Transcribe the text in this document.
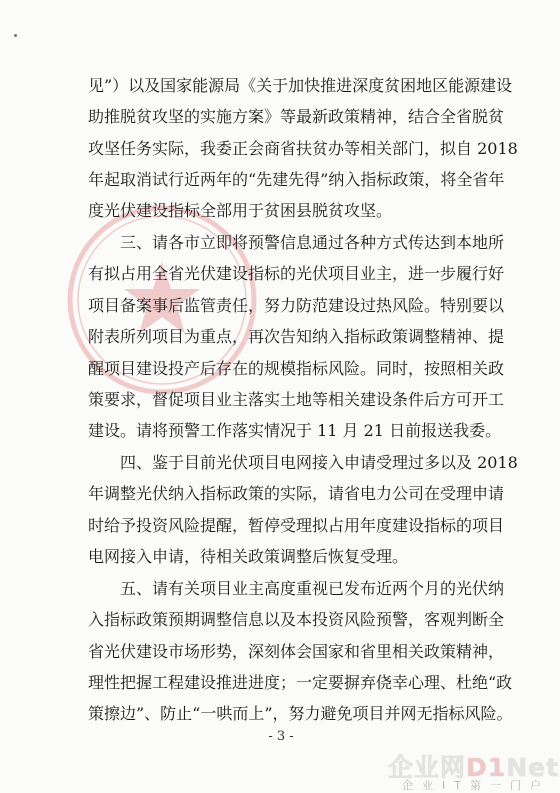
见”）以及国家能源局《关于加快推进深度贫困地区能源建设
助推脱贫攻坚的实施方案》等最新政策精神，结合全省脱贫
攻坚任务实际，我委正会商省扶贫办等相关部门，拟自 2018
年起取消试行近两年的“先建先得”纳入指标政策，将全省年
度光伏建设指标全部用于贫困县脱贫攻坚。
三、请各市立即将预警信息通过各种方式传达到本地所
有拟占用全省光伏建设指标的光伏项目业主，进一步履行好
项目备案事后监管责任，努力防范建设过热风险。特别要以
附表所列项目为重点，再次告知纳入指标政策调整精神、提
醒项目建设投产后存在的规模指标风险。同时，按照相关政
策要求，督促项目业主落实土地等相关建设条件后方可开工
建设。请将预警工作落实情况于 11 月 21 日前报送我委。
四、鉴于目前光伏项目电网接入申请受理过多以及 2018
年调整光伏纳入指标政策的实际，请省电力公司在受理申请
时给予投资风险提醒，暂停受理拟占用年度建设指标的项目
电网接入申请，待相关政策调整后恢复受理。
五、请有关项目业主高度重视已发布近两个月的光伏纳
入指标政策预期调整信息以及本投资风险预警，客观判断全
省光伏建设市场形势，深刻体会国家和省里相关政策精神，
理性把握工程建设推进进度；一定要摒弃侥幸心理、杜绝“政
策擦边”、防止“一哄而上”，努力避免项目并网无指标风险。
- 3 -
企业网D1Net
企业IT第一门户
